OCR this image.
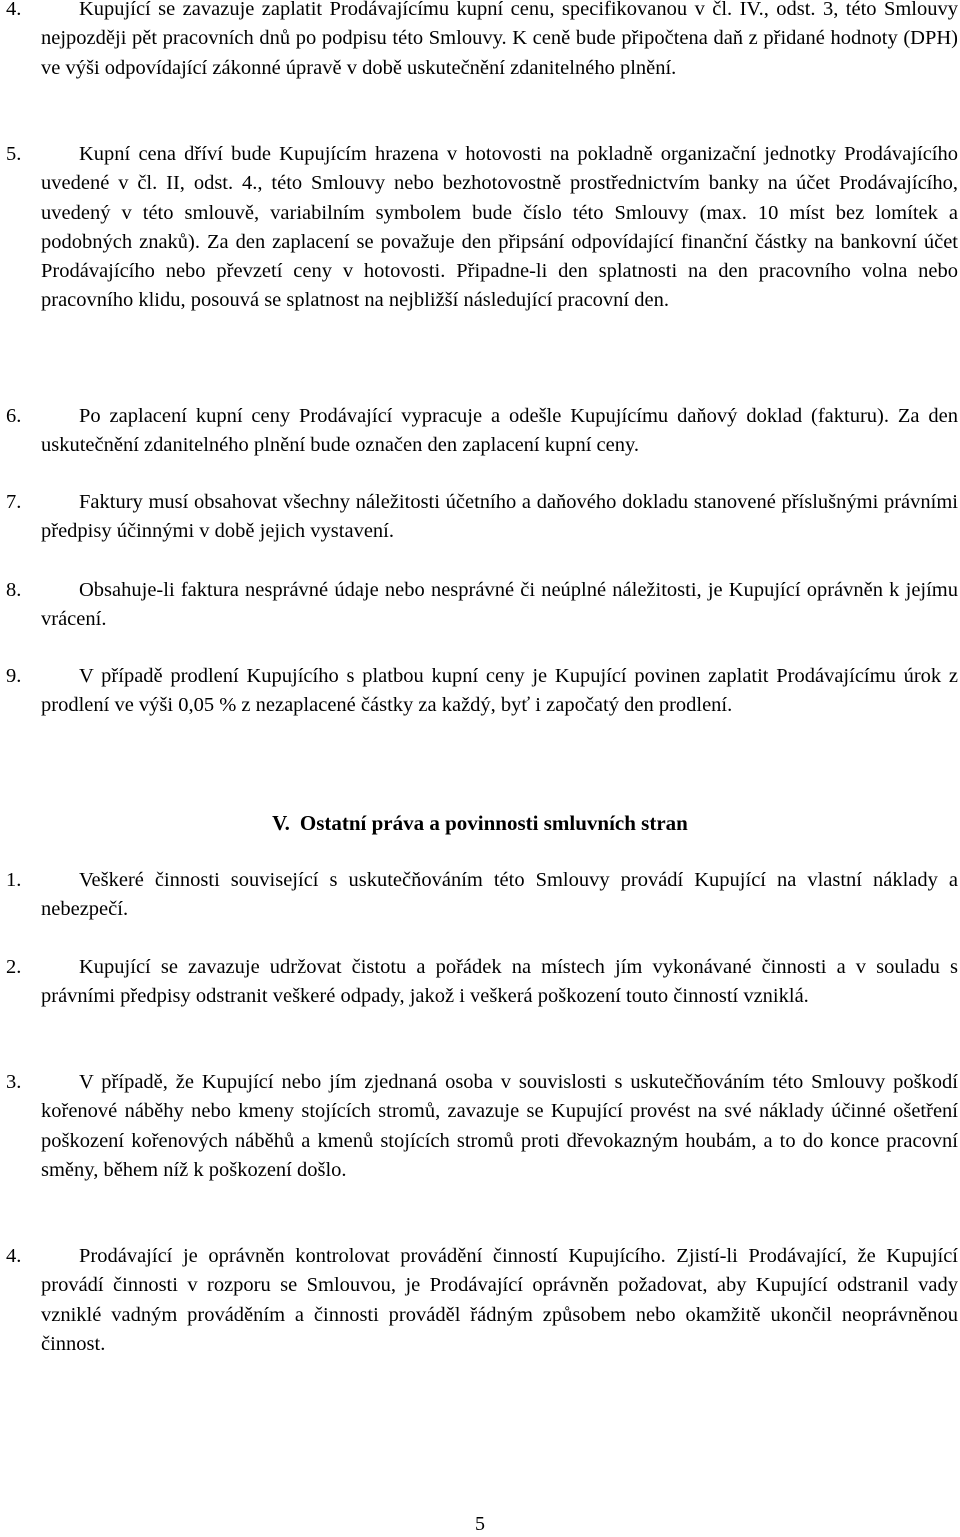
4.	Kupující se zavazuje zaplatit Prodávajícímu kupní cenu, specifikovanou v čl. IV., odst. 3, této Smlouvy nejpozději pět pracovních dnů po podpisu této Smlouvy. K ceně bude připočtena daň z přidané hodnoty (DPH) ve výši odpovídající zákonné úpravě v době uskutečnění zdanitelného plnění.
5.	Kupní cena dříví bude Kupujícím hrazena v hotovosti na pokladně organizační jednotky Prodávajícího uvedené v čl. II, odst. 4., této Smlouvy nebo bezhotovostně prostřednictvím banky na účet Prodávajícího, uvedený v této smlouvě, variabilním symbolem bude číslo této Smlouvy (max. 10 míst bez lomítek a podobných znaků). Za den zaplacení se považuje den připsání odpovídající finanční částky na bankovní účet Prodávajícího nebo převzetí ceny v hotovosti. Připadne-li den splatnosti na den pracovního volna nebo pracovního klidu, posouvá se splatnost na nejbližší následující pracovní den.
6.	Po zaplacení kupní ceny Prodávající vypracuje a odešle Kupujícímu daňový doklad (fakturu). Za den uskutečnění zdanitelného plnění bude označen den zaplacení kupní ceny.
7.	Faktury musí obsahovat všechny náležitosti účetního a daňového dokladu stanovené příslušnými právními předpisy účinnými v době jejich vystavení.
8.	Obsahuje-li faktura nesprávné údaje nebo nesprávné či neúplné náležitosti, je Kupující oprávněn k jejímu vrácení.
9.	V případě prodlení Kupujícího s platbou kupní ceny je Kupující povinen zaplatit Prodávajícímu úrok z prodlení ve výši 0,05 % z nezaplacené částky za každý, byť i započatý den prodlení.
V. Ostatní práva a povinnosti smluvních stran
1.	Veškeré činnosti související s uskutečňováním této Smlouvy provádí Kupující na vlastní náklady a nebezpečí.
2.	Kupující se zavazuje udržovat čistotu a pořádek na místech jím vykonávané činnosti a v souladu s právními předpisy odstranit veškeré odpady, jakož i veškerá poškození touto činností vzniklá.
3.	V případě, že Kupující nebo jím zjednaná osoba v souvislosti s uskutečňováním této Smlouvy poškodí kořenové náběhy nebo kmeny stojících stromů, zavazuje se Kupující provést na své náklady účinné ošetření poškození kořenových náběhů a kmenů stojících stromů proti dřevokazným houbám, a to do konce pracovní směny, během níž k poškození došlo.
4.	Prodávající je oprávněn kontrolovat provádění činností Kupujícího. Zjistí-li Prodávající, že Kupující provádí činnosti v rozporu se Smlouvou, je Prodávající oprávněn požadovat, aby Kupující odstranil vady vzniklé vadným prováděním a činnosti prováděl řádným způsobem nebo okamžitě ukončil neoprávněnou činnost.
5
